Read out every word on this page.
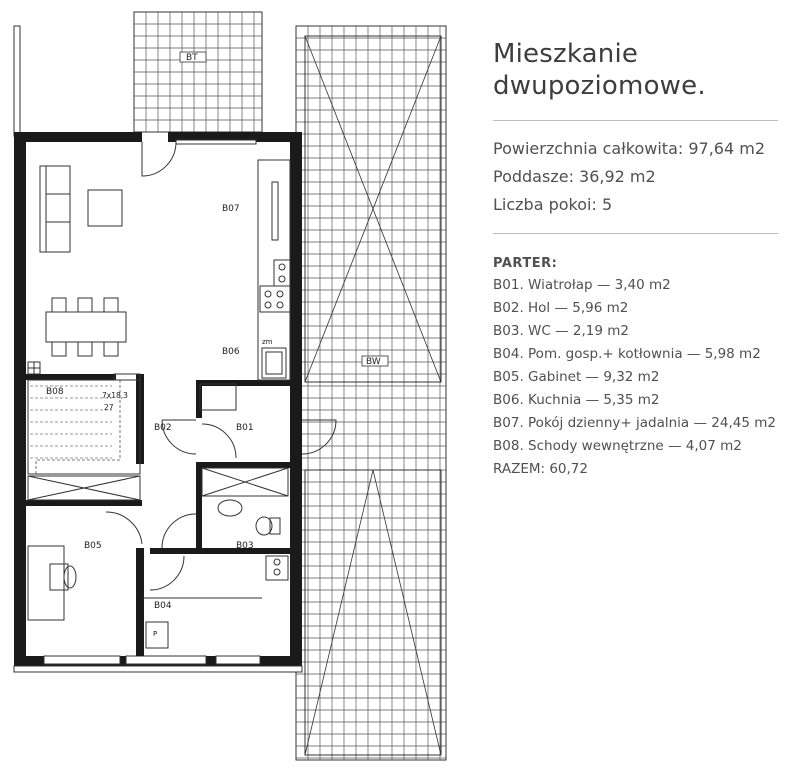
BT
BW
B07
B06
B08
B02	B01
B03
B05
B04
zm
P
7x18,3
27
Mieszkanie
dwupoziomowe.
Powierzchnia całkowita: 97,64 m2
Poddasze: 36,92 m2
Liczba pokoi: 5
PARTER:
B01. Wiatrołap — 3,40 m2
B02. Hol — 5,96 m2
B03. WC — 2,19 m2
B04. Pom. gosp.+ kotłownia — 5,98 m2
B05. Gabinet — 9,32 m2
B06. Kuchnia — 5,35 m2
B07. Pokój dzienny+ jadalnia — 24,45 m2
B08. Schody wewnętrzne — 4,07 m2
RAZEM: 60,72
